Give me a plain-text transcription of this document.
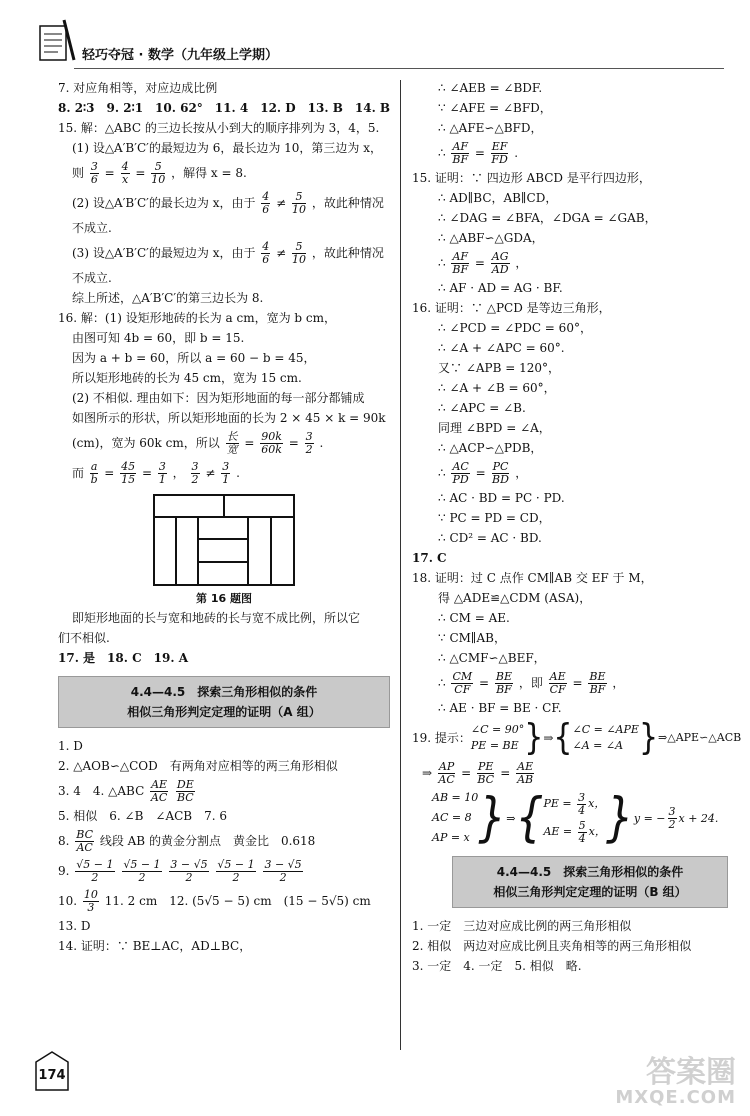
轻巧夺冠 · 数学（九年级上学期）
7. 对应角相等，对应边成比例
8. 2∶3　9. 2∶1　10. 62°　11. 4　12. D　13. B　14. B
15. 解：△ABC 的三边长按从小到大的顺序排列为 3，4，5.
(1) 设△A′B′C′的最短边为 6，最长边为 10，第三边为 x，
则 $\frac{3}{6} = \frac{4}{x} = \frac{5}{10}$ ，解得 x = 8.
(2) 设△A′B′C′的最长边为 x，由于 $\frac{4}{6} \ne \frac{5}{10}$ ，故此种情况
不成立.
(3) 设△A′B′C′的最短边为 x，由于 $\frac{4}{6} \ne \frac{5}{10}$ ，故此种情况
不成立.
综上所述，△A′B′C′的第三边长为 8.
16. 解：(1) 设矩形地砖的长为 a cm，宽为 b cm，
由图可知 4b = 60，即 b = 15.
因为 a + b = 60，所以 a = 60 − b = 45，
所以矩形地砖的长为 45 cm，宽为 15 cm.
(2) 不相似. 理由如下：因为矩形地面的每一部分都铺成
如图所示的形状，所以矩形地面的长为 2 × 45 × k = 90k
(cm)，宽为 60k cm，所以 $\frac{\text{长}}{\text{宽}} = \frac{90k}{60k} = \frac{3}{2}$ .
而 $\frac{a}{b} = \frac{45}{15} = \frac{3}{1}$ ， $\frac{3}{2} \ne \frac{3}{1}$ .
第 16 题图
即矩形地面的长与宽和地砖的长与宽不成比例，所以它
们不相似.
17. 是　18. C　19. A
4.4—4.5　探索三角形相似的条件
相似三角形判定定理的证明（A 组）
1. D
2. △AOB∽△COD　有两角对应相等的两三角形相似
3. 4　4. △ABC $\frac{AE}{AC}$
$\frac{DE}{BC}$
5. 相似　6. ∠B　∠ACB　7. 6
8. $\frac{BC}{AC}$ 线段 AB 的黄金分割点　黄金比　0.618
9. $\frac{√5 - 1}{2}$
$\frac{√5 - 1}{2}$
$\frac{3 - √5}{2}$
$\frac{√5 - 1}{2}$
$\frac{3 - √5}{2}$
10. $\frac{10}{3} 11$. 2 cm　12. (5√5 − 5) cm　(15 − 5√5) cm
13. D
14. 证明：∵ BE⊥AC，AD⊥BC，
∴ ∠AEB = ∠BDF.
∵ ∠AFE = ∠BFD，
∴ △AFE∽△BFD，
∴ $\frac{AF}{BF} = \frac{EF}{FD}$ .
15. 证明：∵ 四边形 ABCD 是平行四边形，
∴ AD∥BC，AB∥CD，
∴ ∠DAG = ∠BFA，∠DGA = ∠GAB，
∴ △ABF∽△GDA，
∴ $\frac{AF}{BF} = \frac{AG}{AD}$ ，
∴ AF · AD = AG · BF.
16. 证明：∵ △PCD 是等边三角形，
∴ ∠PCD = ∠PDC = 60°，
∴ ∠A + ∠APC = 60°.
又∵ ∠APB = 120°，
∴ ∠A + ∠B = 60°，
∴ ∠APC = ∠B.
同理 ∠BPD = ∠A，
∴ △ACP∽△PDB，
∴ $\frac{AC}{PD} = \frac{PC}{BD}$ ，
∴ AC · BD = PC · PD.
∵ PC = PD = CD，
∴ CD² = AC · BD.
17. C
18. 证明：过 C 点作 CM∥AB 交 EF 于 M，
得 △ADE≌△CDM (ASA)，
∴ CM = AE.
∵ CM∥AB，
∴ △CMF∽△BEF，
∴ $\frac{CM}{CF} = \frac{BE}{BF}$ ，即 $\frac{AE}{CF} = \frac{BE}{BF}$ ，
∴ AE · BF = BE · CF.
19. 提示：
∠C = 90°
PE = BE } ⇒ { ∠C = ∠APE
∠A = ∠A } ⇒△APE∽△ACB
⇒ $\frac{AP}{AC} = \frac{PE}{BC} = \frac{AE}{AB}$
AB = 10
AC = 8
AP = x } ⇒ { PE = $\frac{3}{4}$ x，
AE = $\frac{5}{4}$ x， } y = − $\frac{3}{2}$ x + 24.
4.4—4.5　探索三角形相似的条件
相似三角形判定定理的证明（B 组）
1. 一定　三边对应成比例的两三角形相似
2. 相似　两边对应成比例且夹角相等的两三角形相似
3. 一定　4. 一定　5. 相似　略.
174	答案圈
MXQE.COM
